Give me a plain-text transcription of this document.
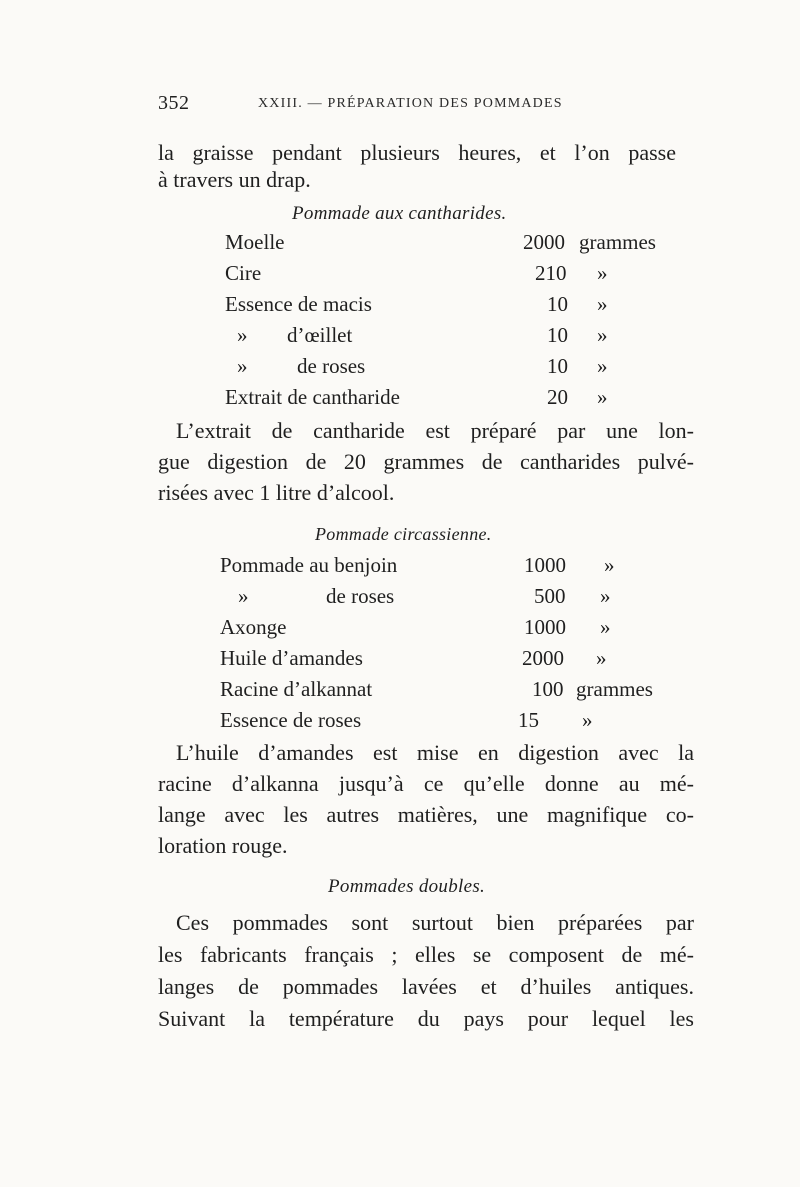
352	XXIII. — PRÉPARATION DES POMMADES
la graisse pendant plusieurs heures, et l’on passe
à travers un drap.
Pommade aux cantharides.
Moelle	2000 grammes
Cire	210 »
Essence de macis	10 »
» d’œillet	10 »
» de roses	10 »
Extrait de cantharide	20 »
L’extrait de cantharide est préparé par une lon-
gue digestion de 20 grammes de cantharides pulvé-
risées avec 1 litre d’alcool.
Pommade circassienne.
Pommade au benjoin	1000 »
»	de roses	500 »
Axonge	1000 »
Huile d’amandes	2000 »
Racine d’alkannat	100 grammes
Essence de roses	15 »
L’huile d’amandes est mise en digestion avec la
racine d’alkanna jusqu’à ce qu’elle donne au mé-
lange avec les autres matières, une magnifique co-
loration rouge.
Pommades doubles.
Ces pommades sont surtout bien préparées par
les fabricants français ; elles se composent de mé-
langes de pommades lavées et d’huiles antiques.
Suivant la température du pays pour lequel les
